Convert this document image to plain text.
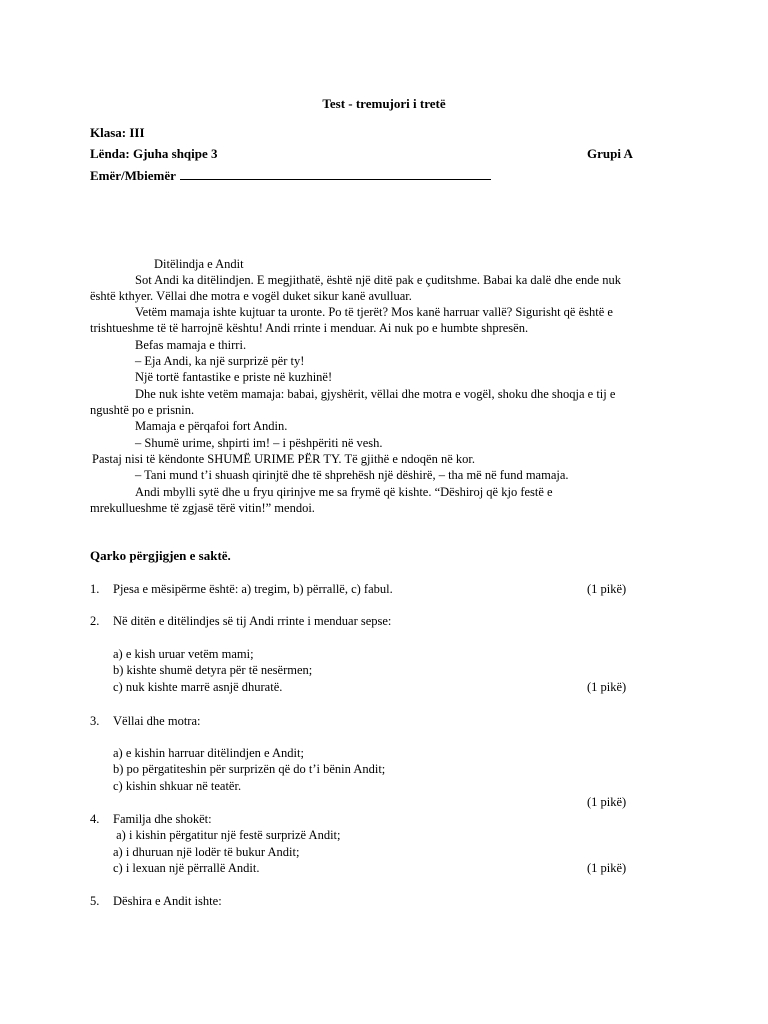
Test - tremujori i tretë
Klasa: III
Lënda: Gjuha shqipe 3	Grupi A
Emër/Mbiemër
Ditëlindja e Andit
Sot Andi ka ditëlindjen. E megjithatë, është një ditë pak e çuditshme. Babai ka dalë dhe ende nuk
është kthyer. Vëllai dhe motra e vogël duket sikur kanë avulluar.
Vetëm mamaja ishte kujtuar ta uronte. Po të tjerët? Mos kanë harruar vallë? Sigurisht që është e
trishtueshme të të harrojnë kështu! Andi rrinte i menduar. Ai nuk po e humbte shpresën.
Befas mamaja e thirri.
– Eja Andi, ka një surprizë për ty!
Një tortë fantastike e priste në kuzhinë!
Dhe nuk ishte vetëm mamaja: babai, gjyshërit, vëllai dhe motra e vogël, shoku dhe shoqja e tij e
ngushtë po e prisnin.
Mamaja e përqafoi fort Andin.
– Shumë urime, shpirti im! – i pëshpëriti në vesh.
Pastaj nisi të këndonte SHUMË URIME PËR TY. Të gjithë e ndoqën në kor.
– Tani mund t’i shuash qirinjtë dhe të shprehësh një dëshirë, – tha më në fund mamaja.
Andi mbylli sytë dhe u fryu qirinjve me sa frymë që kishte. “Dëshiroj që kjo festë e
mrekullueshme të zgjasë tërë vitin!” mendoi.
Qarko përgjigjen e saktë.
1. Pjesa e mësipërme është: a) tregim, b) përrallë, c) fabul.	(1 pikë)
2. Në ditën e ditëlindjes së tij Andi rrinte i menduar sepse:
a) e kish uruar vetëm mami;
b) kishte shumë detyra për të nesërmen;
c) nuk kishte marrë asnjë dhuratë.	(1 pikë)
3. Vëllai dhe motra:
a) e kishin harruar ditëlindjen e Andit;
b) po përgatiteshin për surprizën që do t’i bënin Andit;
c) kishin shkuar në teatër.
(1 pikë)
4. Familja dhe shokët:
a) i kishin përgatitur një festë surprizë Andit;
a) i dhuruan një lodër të bukur Andit;
c) i lexuan një përrallë Andit.	(1 pikë)
5. Dëshira e Andit ishte:
